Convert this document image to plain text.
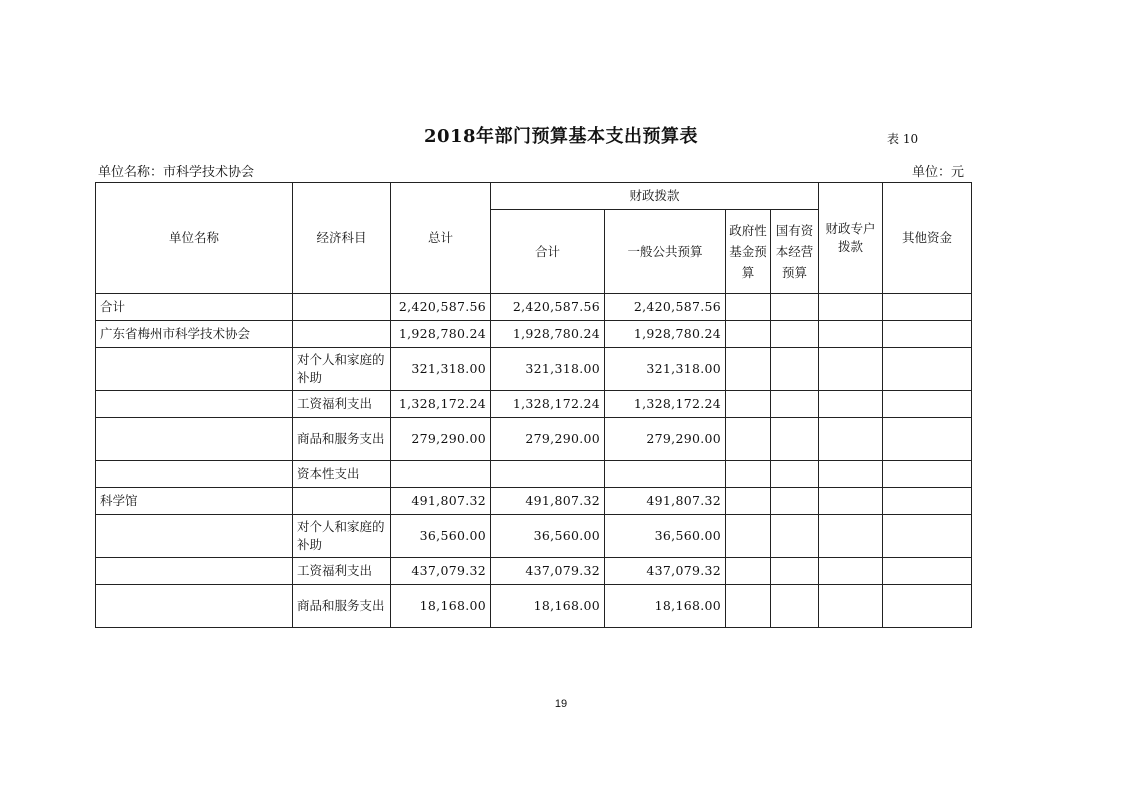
2018年部门预算基本支出预算表	表 10
单位名称：市科学技术协会	单位：元
单位名称	经济科目	总计	财政拨款				财政专户拨款	其他资金
			合计	一般公共预算	政府性基金预算	国有资本经营预算		
合计		2,420,587.56	2,420,587.56	2,420,587.56				
广东省梅州市科学技术协会		1,928,780.24	1,928,780.24	1,928,780.24				
	对个人和家庭的补助	321,318.00	321,318.00	321,318.00				
	工资福利支出	1,328,172.24	1,328,172.24	1,328,172.24				
	商品和服务支出	279,290.00	279,290.00	279,290.00				
	资本性支出							
科学馆		491,807.32	491,807.32	491,807.32				
	对个人和家庭的补助	36,560.00	36,560.00	36,560.00				
	工资福利支出	437,079.32	437,079.32	437,079.32				
	商品和服务支出	18,168.00	18,168.00	18,168.00				
19
